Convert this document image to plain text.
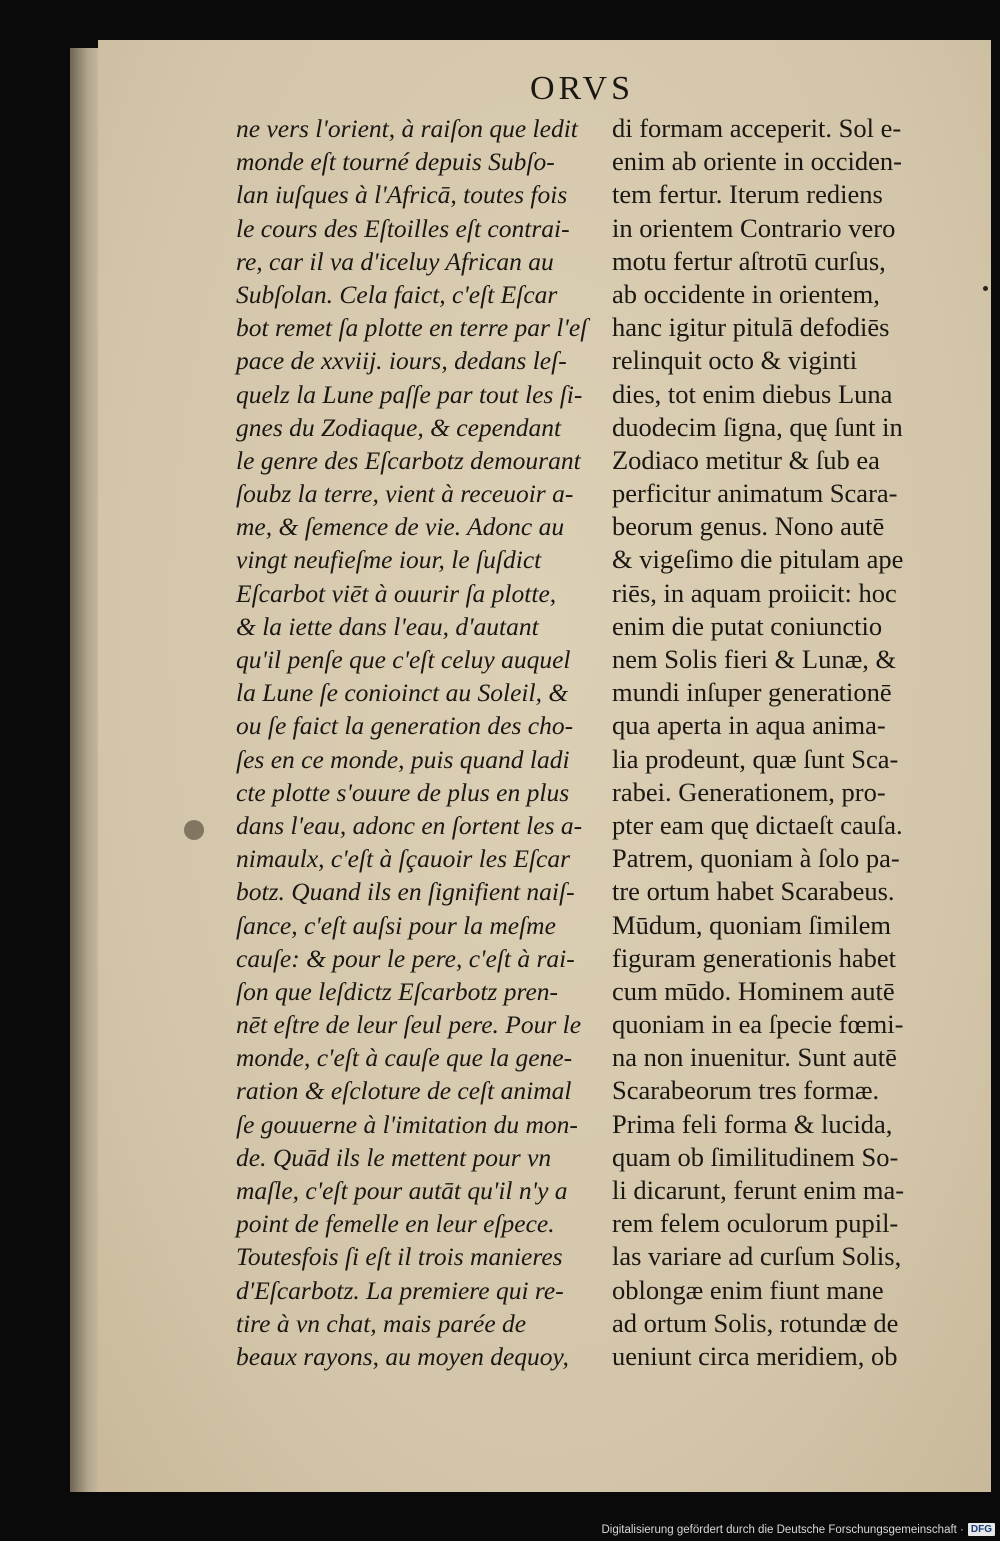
ORVS
ne vers l'orient, à raiſon que ledit
monde eſt tourné depuis Subſo-
lan iuſques à l'Africā, toutes fois
le cours des Eſtoilles eſt contrai-
re, car il va d'iceluy African au
Subſolan. Cela faict, c'eſt Eſcar
bot remet ſa plotte en terre par l'eſ
pace de xxviij. iours, dedans leſ-
quelz la Lune paſſe par tout les ſi-
gnes du Zodiaque, & cependant
le genre des Eſcarbotz demourant
ſoubz la terre, vient à receuoir a-
me, & ſemence de vie. Adonc au
vingt neufieſme iour, le ſuſdict
Eſcarbot viēt à ouurir ſa plotte,
& la iette dans l'eau, d'autant
qu'il penſe que c'eſt celuy auquel
la Lune ſe conioinct au Soleil, &
ou ſe faict la generation des cho-
ſes en ce monde, puis quand ladi
cte plotte s'ouure de plus en plus
dans l'eau, adonc en ſortent les a-
nimaulx, c'eſt à ſçauoir les Eſcar
botz. Quand ils en ſignifient naiſ-
ſance, c'eſt auſsi pour la meſme
cauſe: & pour le pere, c'eſt à rai-
ſon que leſdictz Eſcarbotz pren-
nēt eſtre de leur ſeul pere. Pour le
monde, c'eſt à cauſe que la gene-
ration & eſcloture de ceſt animal
ſe gouuerne à l'imitation du mon-
de. Quād ils le mettent pour vn
maſle, c'eſt pour autāt qu'il n'y a
point de femelle en leur eſpece.
Toutesfois ſi eſt il trois manieres
d'Eſcarbotz. La premiere qui re-
tire à vn chat, mais parée de
beaux rayons, au moyen dequoy,
di formam acceperit. Sol e-
enim ab oriente in occiden-
tem fertur. Iterum rediens
in orientem Contrario vero
motu fertur aſtrotū curſus,
ab occidente in orientem,
hanc igitur pitulā defodiēs
relinquit octo & viginti
dies, tot enim diebus Luna
duodecim ſigna, quę ſunt in
Zodiaco metitur & ſub ea
perficitur animatum Scara-
beorum genus. Nono autē
& vigeſimo die pitulam ape
riēs, in aquam proiicit: hoc
enim die putat coniunctio
nem Solis fieri & Lunæ, &
mundi inſuper generationē
qua aperta in aqua anima-
lia prodeunt, quæ ſunt Sca-
rabei. Generationem, pro-
pter eam quę dictaeſt cauſa.
Patrem, quoniam à ſolo pa-
tre ortum habet Scarabeus.
Mūdum, quoniam ſimilem
figuram generationis habet
cum mūdo. Hominem autē
quoniam in ea ſpecie fœmi-
na non inuenitur. Sunt autē
Scarabeorum tres formæ.
Prima feli forma & lucida,
quam ob ſimilitudinem So-
li dicarunt, ferunt enim ma-
rem felem oculorum pupil-
las variare ad curſum Solis,
oblongæ enim fiunt mane
ad ortum Solis, rotundæ de
ueniunt circa meridiem, ob
Digitalisierung gefördert durch die Deutsche Forschungsgemeinschaft · DFG
